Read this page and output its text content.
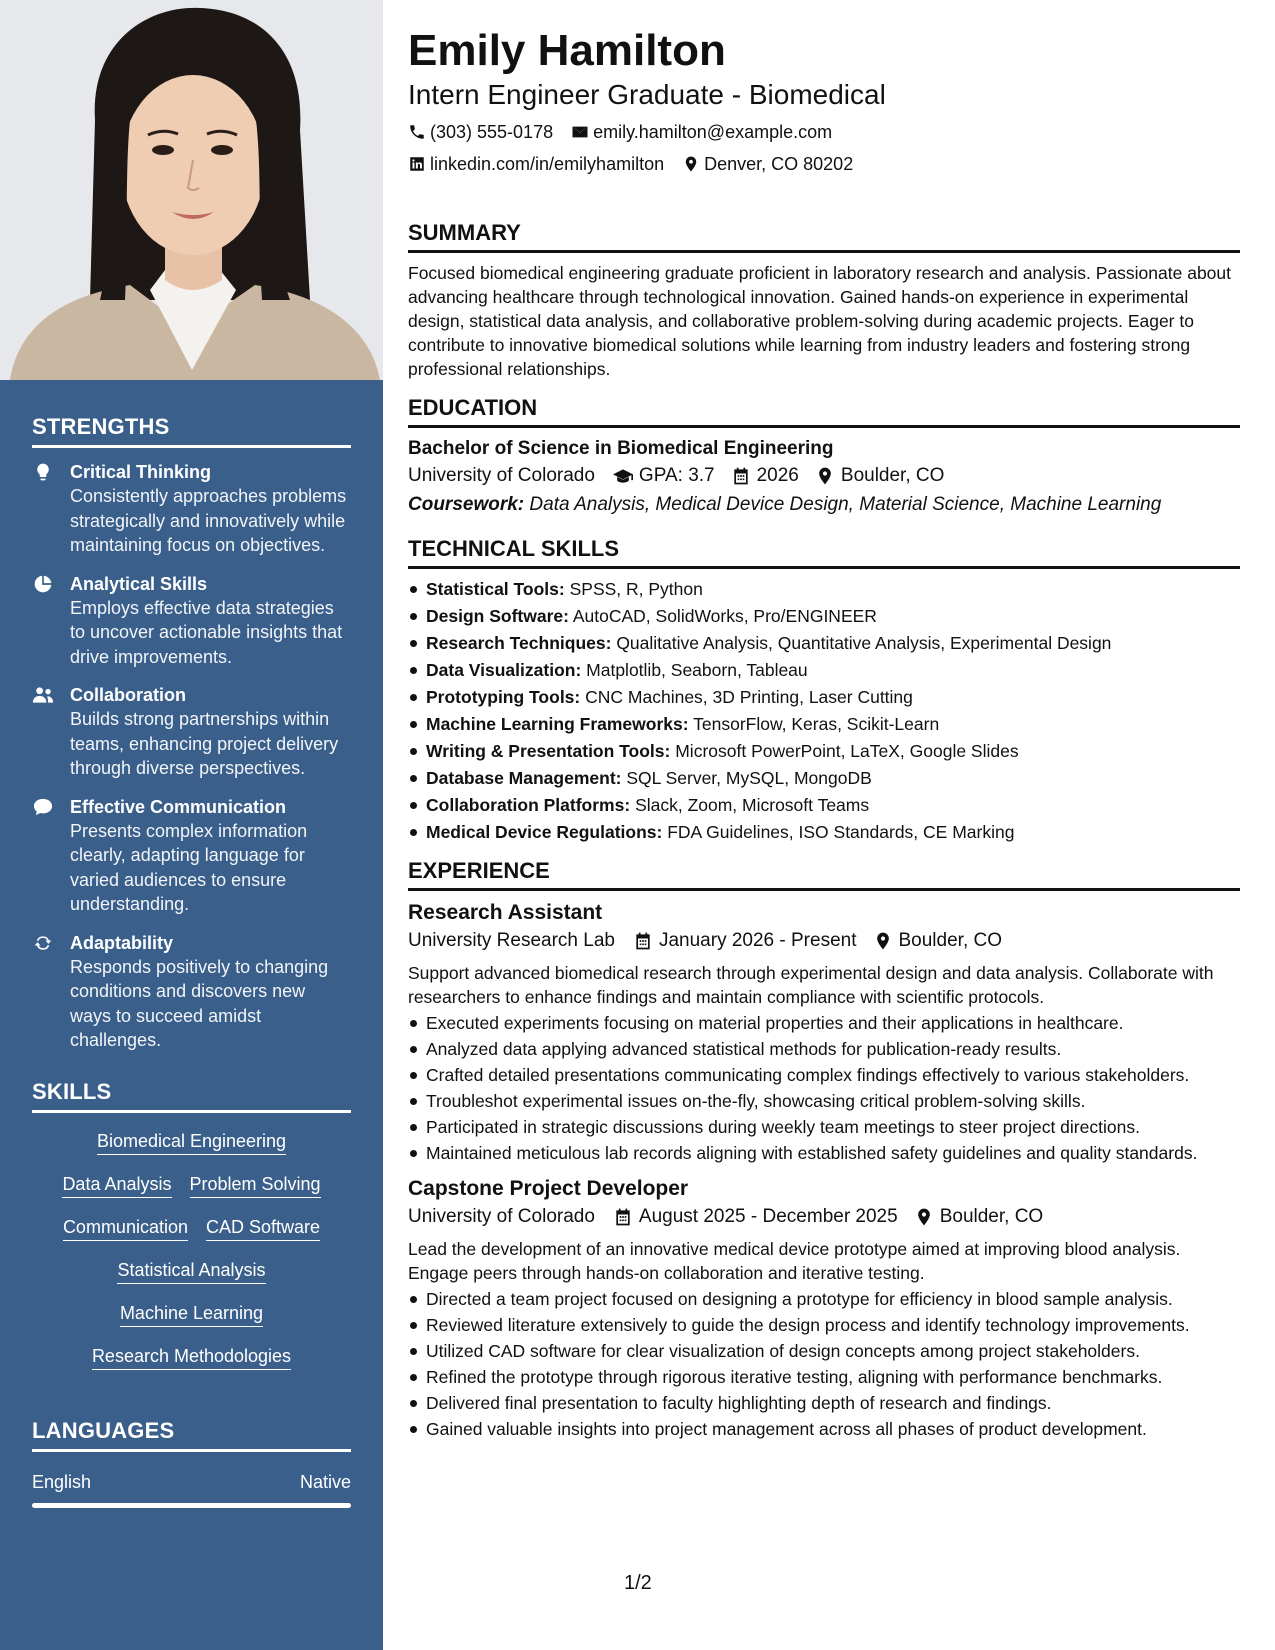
STRENGTHS
Critical Thinking
Consistently approaches problems strategically and innovatively while maintaining focus on objectives.
Analytical Skills
Employs effective data strategies to uncover actionable insights that drive improvements.
Collaboration
Builds strong partnerships within teams, enhancing project delivery through diverse perspectives.
Effective Communication
Presents complex information clearly, adapting language for varied audiences to ensure understanding.
Adaptability
Responds positively to changing conditions and discovers new ways to succeed amidst challenges.
SKILLS
Biomedical Engineering
Data Analysis Problem Solving
Communication CAD Software
Statistical Analysis
Machine Learning
Research Methodologies
LANGUAGES
English	Native
Emily Hamilton
Intern Engineer Graduate - Biomedical
(303) 555-0178 emily.hamilton@example.com
linkedin.com/in/emilyhamilton Denver, CO 80202
SUMMARY

Focused biomedical engineering graduate proficient in laboratory research and analysis. Passionate about advancing healthcare through technological innovation. Gained hands-on experience in experimental design, statistical data analysis, and collaborative problem-solving during academic projects. Eager to contribute to innovative biomedical solutions while learning from industry leaders and fostering strong professional relationships.

EDUCATION
Bachelor of Science in Biomedical Engineering
University of Colorado GPA: 3.7 2026 Boulder, CO
Coursework: Data Analysis, Medical Device Design, Material Science, Machine Learning
TECHNICAL SKILLS
Statistical Tools: SPSS, R, Python
Design Software: AutoCAD, SolidWorks, Pro/ENGINEER
Research Techniques: Qualitative Analysis, Quantitative Analysis, Experimental Design
Data Visualization: Matplotlib, Seaborn, Tableau
Prototyping Tools: CNC Machines, 3D Printing, Laser Cutting
Machine Learning Frameworks: TensorFlow, Keras, Scikit-Learn
Writing & Presentation Tools: Microsoft PowerPoint, LaTeX, Google Slides
Database Management: SQL Server, MySQL, MongoDB
Collaboration Platforms: Slack, Zoom, Microsoft Teams
Medical Device Regulations: FDA Guidelines, ISO Standards, CE Marking
EXPERIENCE
Research Assistant
University Research Lab January 2026 - Present Boulder, CO

Support advanced biomedical research through experimental design and data analysis. Collaborate with researchers to enhance findings and maintain compliance with scientific protocols.

Executed experiments focusing on material properties and their applications in healthcare.
Analyzed data applying advanced statistical methods for publication-ready results.
Crafted detailed presentations communicating complex findings effectively to various stakeholders.
Troubleshot experimental issues on-the-fly, showcasing critical problem-solving skills.
Participated in strategic discussions during weekly team meetings to steer project directions.
Maintained meticulous lab records aligning with established safety guidelines and quality standards.
Capstone Project Developer
University of Colorado August 2025 - December 2025 Boulder, CO

Lead the development of an innovative medical device prototype aimed at improving blood analysis. Engage peers through hands-on collaboration and iterative testing.

Directed a team project focused on designing a prototype for efficiency in blood sample analysis.
Reviewed literature extensively to guide the design process and identify technology improvements.
Utilized CAD software for clear visualization of design concepts among project stakeholders.
Refined the prototype through rigorous iterative testing, aligning with performance benchmarks.
Delivered final presentation to faculty highlighting depth of research and findings.
Gained valuable insights into project management across all phases of product development.
1/2
